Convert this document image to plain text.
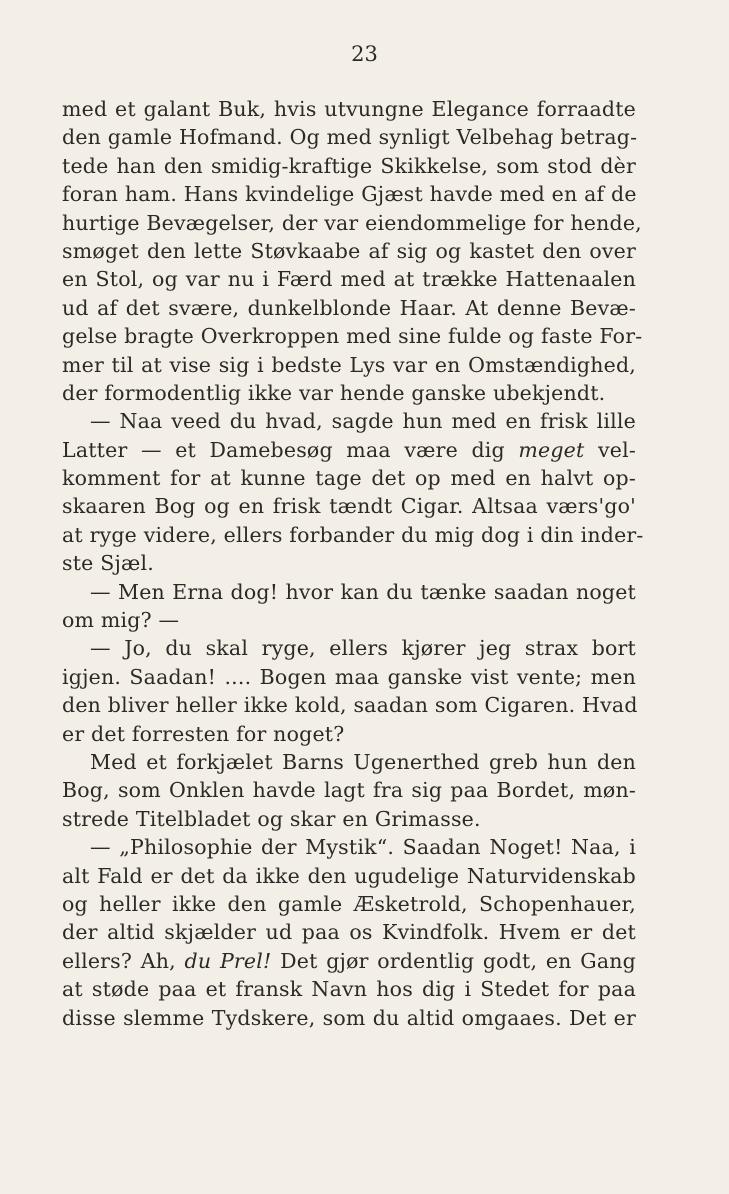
23
med et galant Buk, hvis utvungne Elegance forraadte
den gamle Hofmand. Og med synligt Velbehag betrag-
tede han den smidig-kraftige Skikkelse, som stod dèr
foran ham. Hans kvindelige Gjæst havde med en af de
hurtige Bevægelser, der var eiendommelige for hende,
smøget den lette Støvkaabe af sig og kastet den over
en Stol, og var nu i Færd med at trække Hattenaalen
ud af det svære, dunkelblonde Haar. At denne Bevæ-
gelse bragte Overkroppen med sine fulde og faste For-
mer til at vise sig i bedste Lys var en Omstændighed,
der formodentlig ikke var hende ganske ubekjendt.
— Naa veed du hvad, sagde hun med en frisk lille
Latter — et Damebesøg maa være dig meget vel-
komment for at kunne tage det op med en halvt op-
skaaren Bog og en frisk tændt Cigar. Altsaa værs'go'
at ryge videre, ellers forbander du mig dog i din inder-
ste Sjæl.
— Men Erna dog! hvor kan du tænke saadan noget
om mig? —
— Jo, du skal ryge, ellers kjører jeg strax bort
igjen. Saadan! .... Bogen maa ganske vist vente; men
den bliver heller ikke kold, saadan som Cigaren. Hvad
er det forresten for noget?
Med et forkjælet Barns Ugenerthed greb hun den
Bog, som Onklen havde lagt fra sig paa Bordet, møn-
strede Titelbladet og skar en Grimasse.
— „Philosophie der Mystik“. Saadan Noget! Naa, i
alt Fald er det da ikke den ugudelige Naturvidenskab
og heller ikke den gamle Æsketrold, Schopenhauer,
der altid skjælder ud paa os Kvindfolk. Hvem er det
ellers? Ah, du Prel! Det gjør ordentlig godt, en Gang
at støde paa et fransk Navn hos dig i Stedet for paa
disse slemme Tydskere, som du altid omgaaes. Det er
